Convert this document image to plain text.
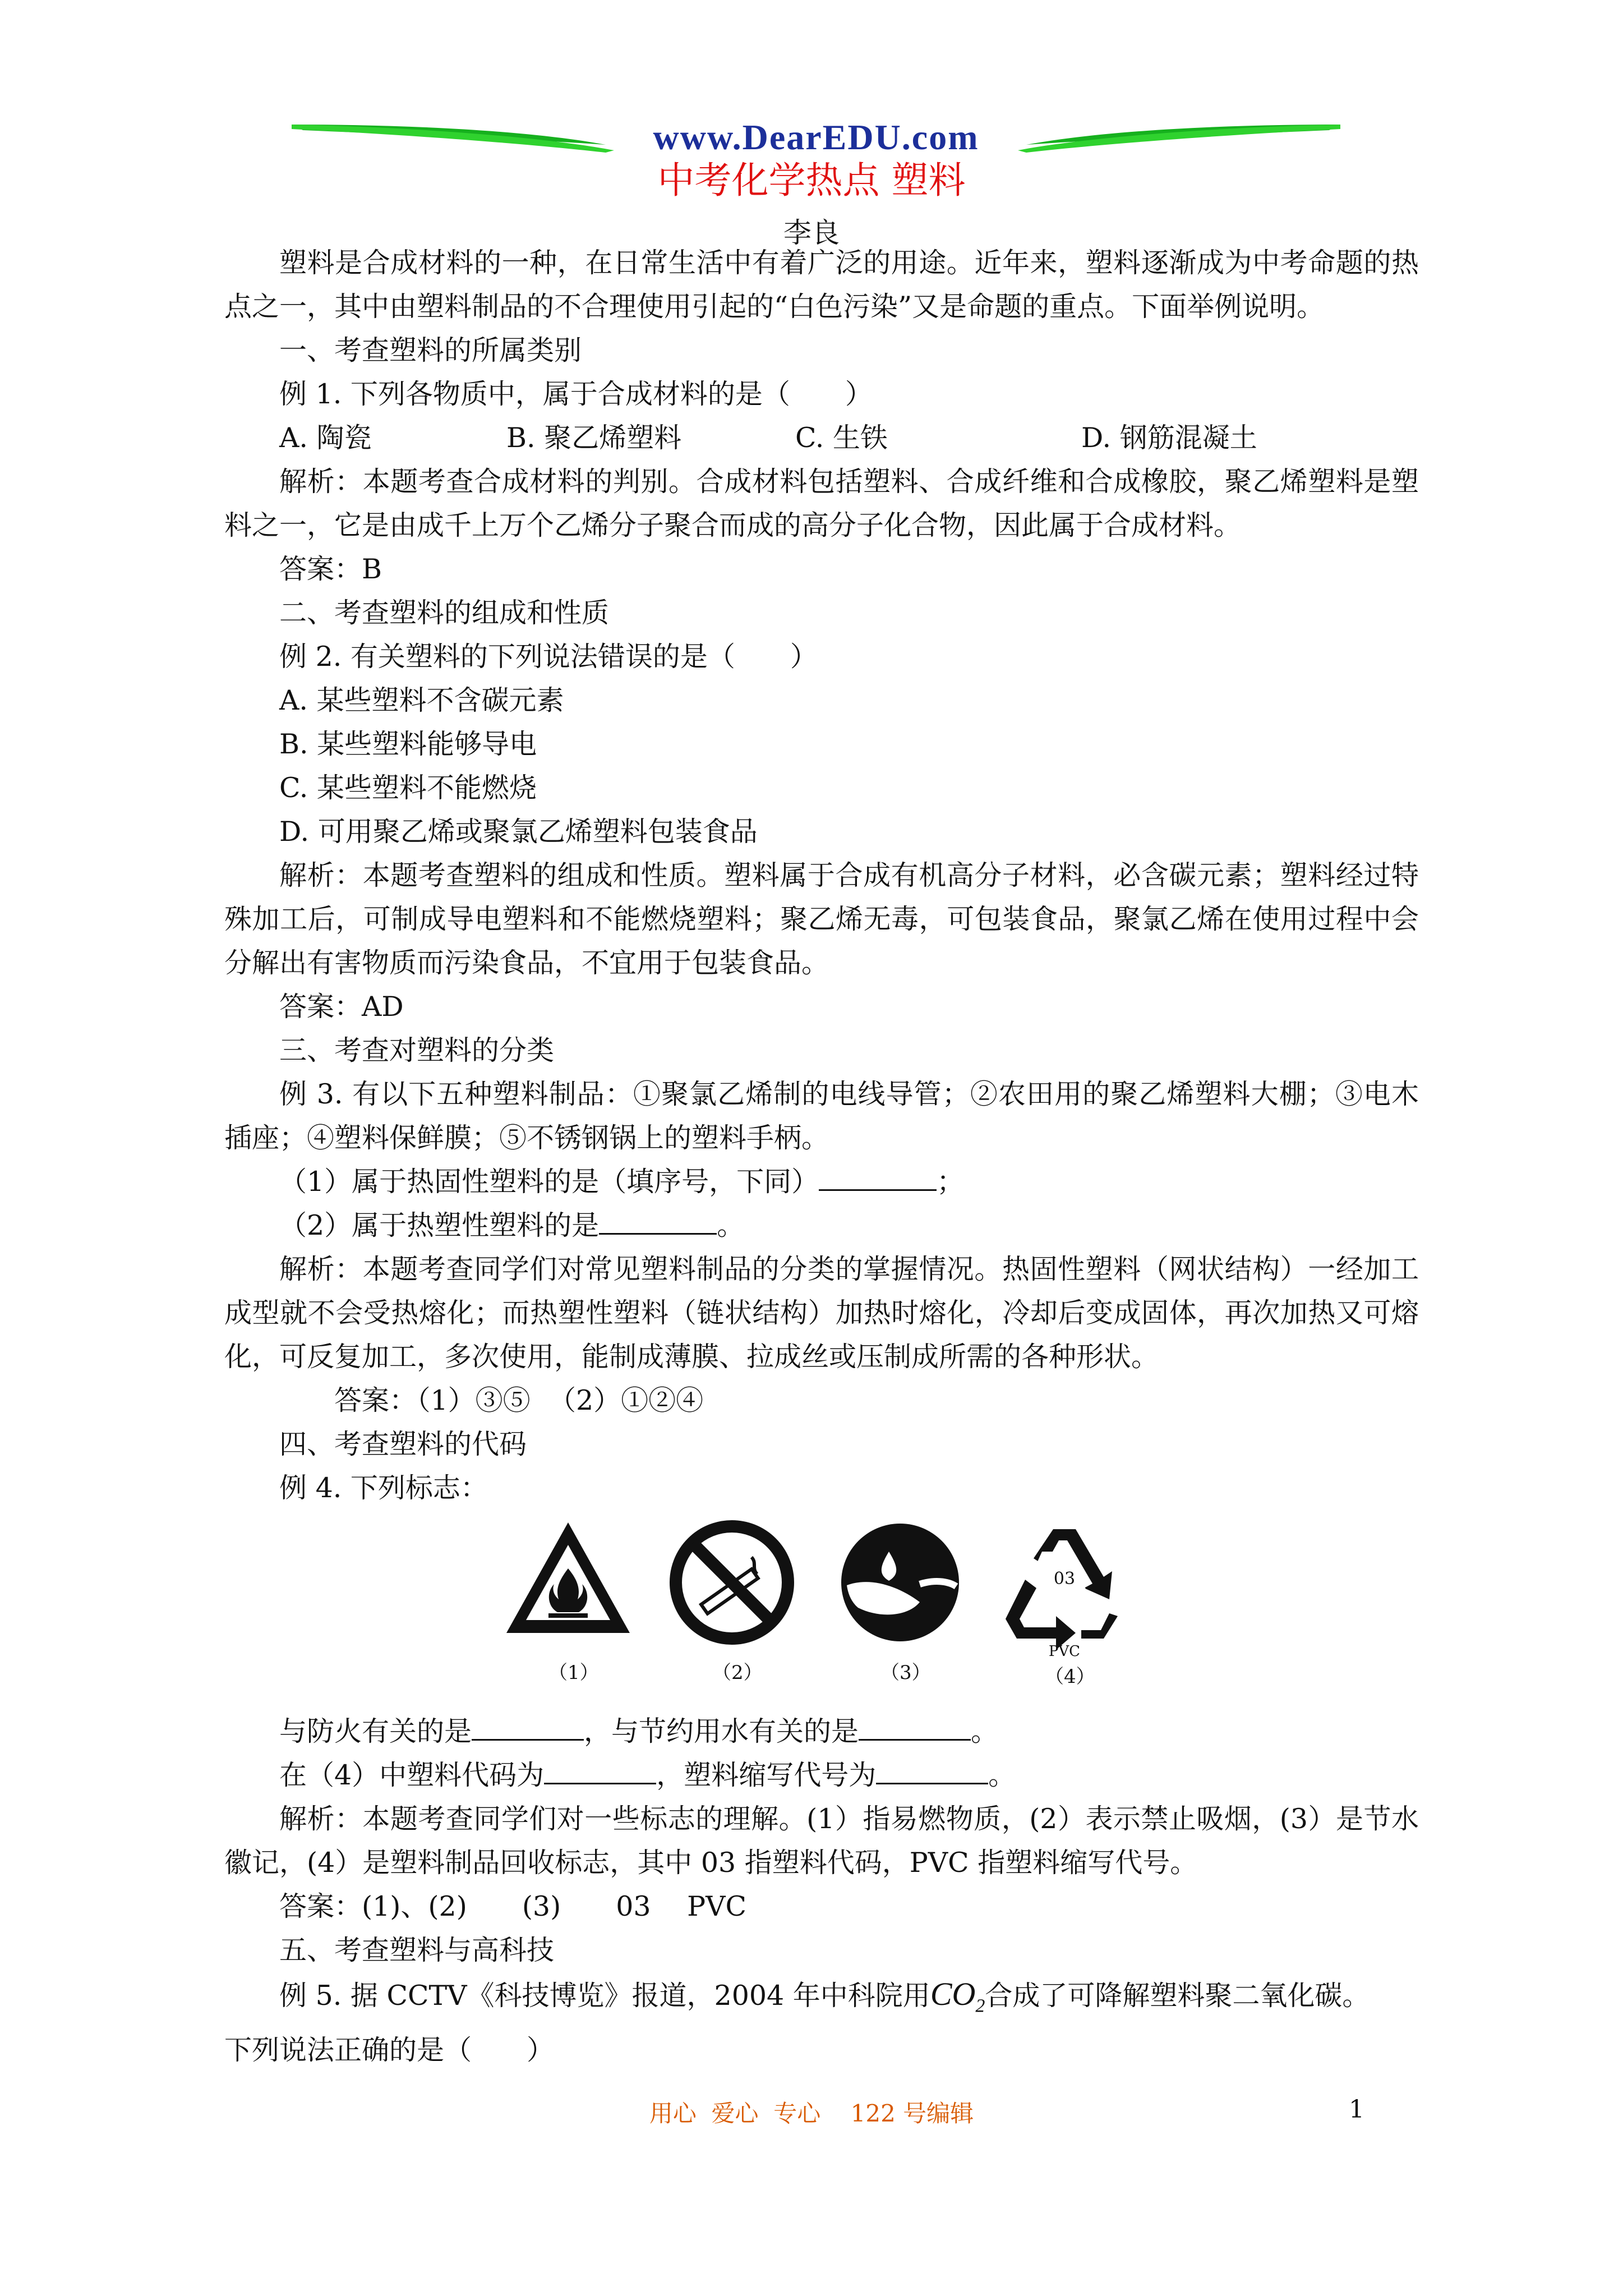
www.DearEDU.com
中考化学热点 塑料
李良

塑料是合成材料的一种，在日常生活中有着广泛的用途。近年来，塑料逐渐成为中考命题的热点之一，其中由塑料制品的不合理使用引起的“白色污染”又是命题的重点。下面举例说明。

一、考查塑料的所属类别

例 1. 下列各物质中，属于合成材料的是（　　）

A. 陶瓷	B. 聚乙烯塑料	C. 生铁	D. 钢筋混凝土

解析：本题考查合成材料的判别。合成材料包括塑料、合成纤维和合成橡胶，聚乙烯塑料是塑料之一，它是由成千上万个乙烯分子聚合而成的高分子化合物，因此属于合成材料。

答案：B

二、考查塑料的组成和性质

例 2. 有关塑料的下列说法错误的是（　　）

A. 某些塑料不含碳元素

B. 某些塑料能够导电

C. 某些塑料不能燃烧

D. 可用聚乙烯或聚氯乙烯塑料包装食品

解析：本题考查塑料的组成和性质。塑料属于合成有机高分子材料，必含碳元素；塑料经过特殊加工后，可制成导电塑料和不能燃烧塑料；聚乙烯无毒，可包装食品，聚氯乙烯在使用过程中会分解出有害物质而污染食品，不宜用于包装食品。

答案：AD

三、考查对塑料的分类

例 3. 有以下五种塑料制品：①聚氯乙烯制的电线导管；②农田用的聚乙烯塑料大棚；③电木插座；④塑料保鲜膜；⑤不锈钢锅上的塑料手柄。

（1）属于热固性塑料的是（填序号，下同）	；

（2）属于热塑性塑料的是	。

解析：本题考查同学们对常见塑料制品的分类的掌握情况。热固性塑料（网状结构）一经加工成型就不会受热熔化；而热塑性塑料（链状结构）加热时熔化，冷却后变成固体，再次加热又可熔化，可反复加工，多次使用，能制成薄膜、拉成丝或压制成所需的各种形状。

答案：（1）③⑤ （2）①②④

四、考查塑料的代码

例 4. 下列标志：

（1）	（2）	（3）
03
PVC
（4）

与防火有关的是	，与节约用水有关的是	。

在（4）中塑料代码为	，塑料缩写代号为	。

解析：本题考查同学们对一些标志的理解。(1）指易燃物质，(2）表示禁止吸烟，(3）是节水徽记，(4）是塑料制品回收标志，其中 03 指塑料代码，PVC 指塑料缩写代号。

答案：(1)、(2)　　(3)　　03　 PVC

五、考查塑料与高科技

例 5. 据 CCTV《科技博览》报道，2004 年中科院用$CO_2$合成了可降解塑料聚二氧化碳。

下列说法正确的是（　　）

用心  爱心  专心    122 号编辑	1
